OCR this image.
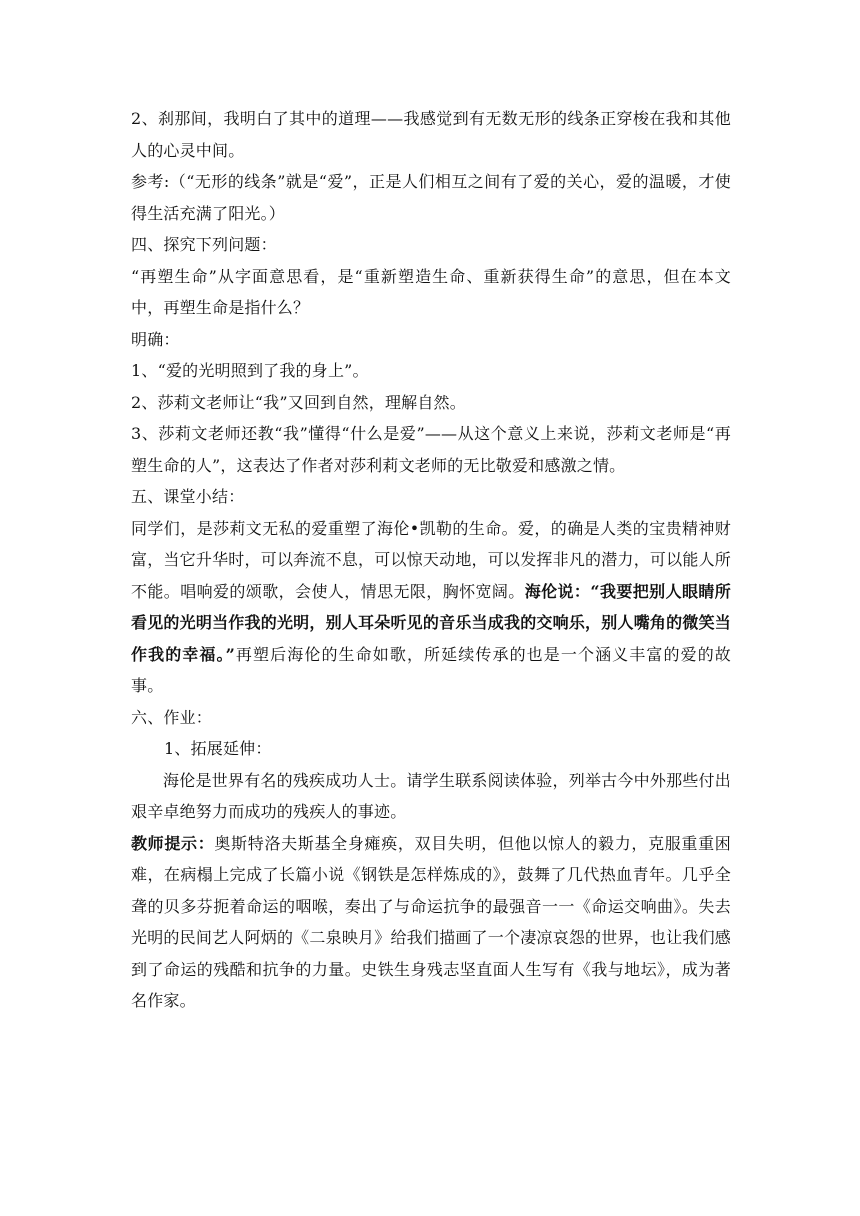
2、刹那间，我明白了其中的道理——我感觉到有无数无形的线条正穿梭在我和其他人的心灵中间。

参考:（“无形的线条”就是“爱”，正是人们相互之间有了爱的关心，爱的温暖，才使得生活充满了阳光。）

四、探究下列问题：

“再塑生命”从字面意思看，是“重新塑造生命、重新获得生命”的意思，但在本文中，再塑生命是指什么？

明确：

1、“爱的光明照到了我的身上”。

2、莎莉文老师让“我”又回到自然，理解自然。

3、莎莉文老师还教“我”懂得“什么是爱”——从这个意义上来说，莎莉文老师是“再塑生命的人”，这表达了作者对莎利莉文老师的无比敬爱和感激之情。

五、课堂小结：

同学们，是莎莉文无私的爱重塑了海伦•凯勒的生命。爱，的确是人类的宝贵精神财富，当它升华时，可以奔流不息，可以惊天动地，可以发挥非凡的潜力，可以能人所不能。唱响爱的颂歌，会使人，情思无限，胸怀宽阔。海伦说：“我要把别人眼睛所看见的光明当作我的光明，别人耳朵听见的音乐当成我的交响乐，别人嘴角的微笑当作我的幸福。”再塑后海伦的生命如歌，所延续传承的也是一个涵义丰富的爱的故事。

六、作业：

1、拓展延伸：

海伦是世界有名的残疾成功人士。请学生联系阅读体验，列举古今中外那些付出艰辛卓绝努力而成功的残疾人的事迹。

教师提示：奥斯特洛夫斯基全身瘫痪，双目失明，但他以惊人的毅力，克服重重困难，在病榻上完成了长篇小说《钢铁是怎样炼成的》，鼓舞了几代热血青年。几乎全聋的贝多芬扼着命运的咽喉，奏出了与命运抗争的最强音一一《命运交响曲》。失去光明的民间艺人阿炳的《二泉映月》给我们描画了一个凄凉哀怨的世界，也让我们感到了命运的残酷和抗争的力量。史铁生身残志坚直面人生写有《我与地坛》，成为著名作家。
